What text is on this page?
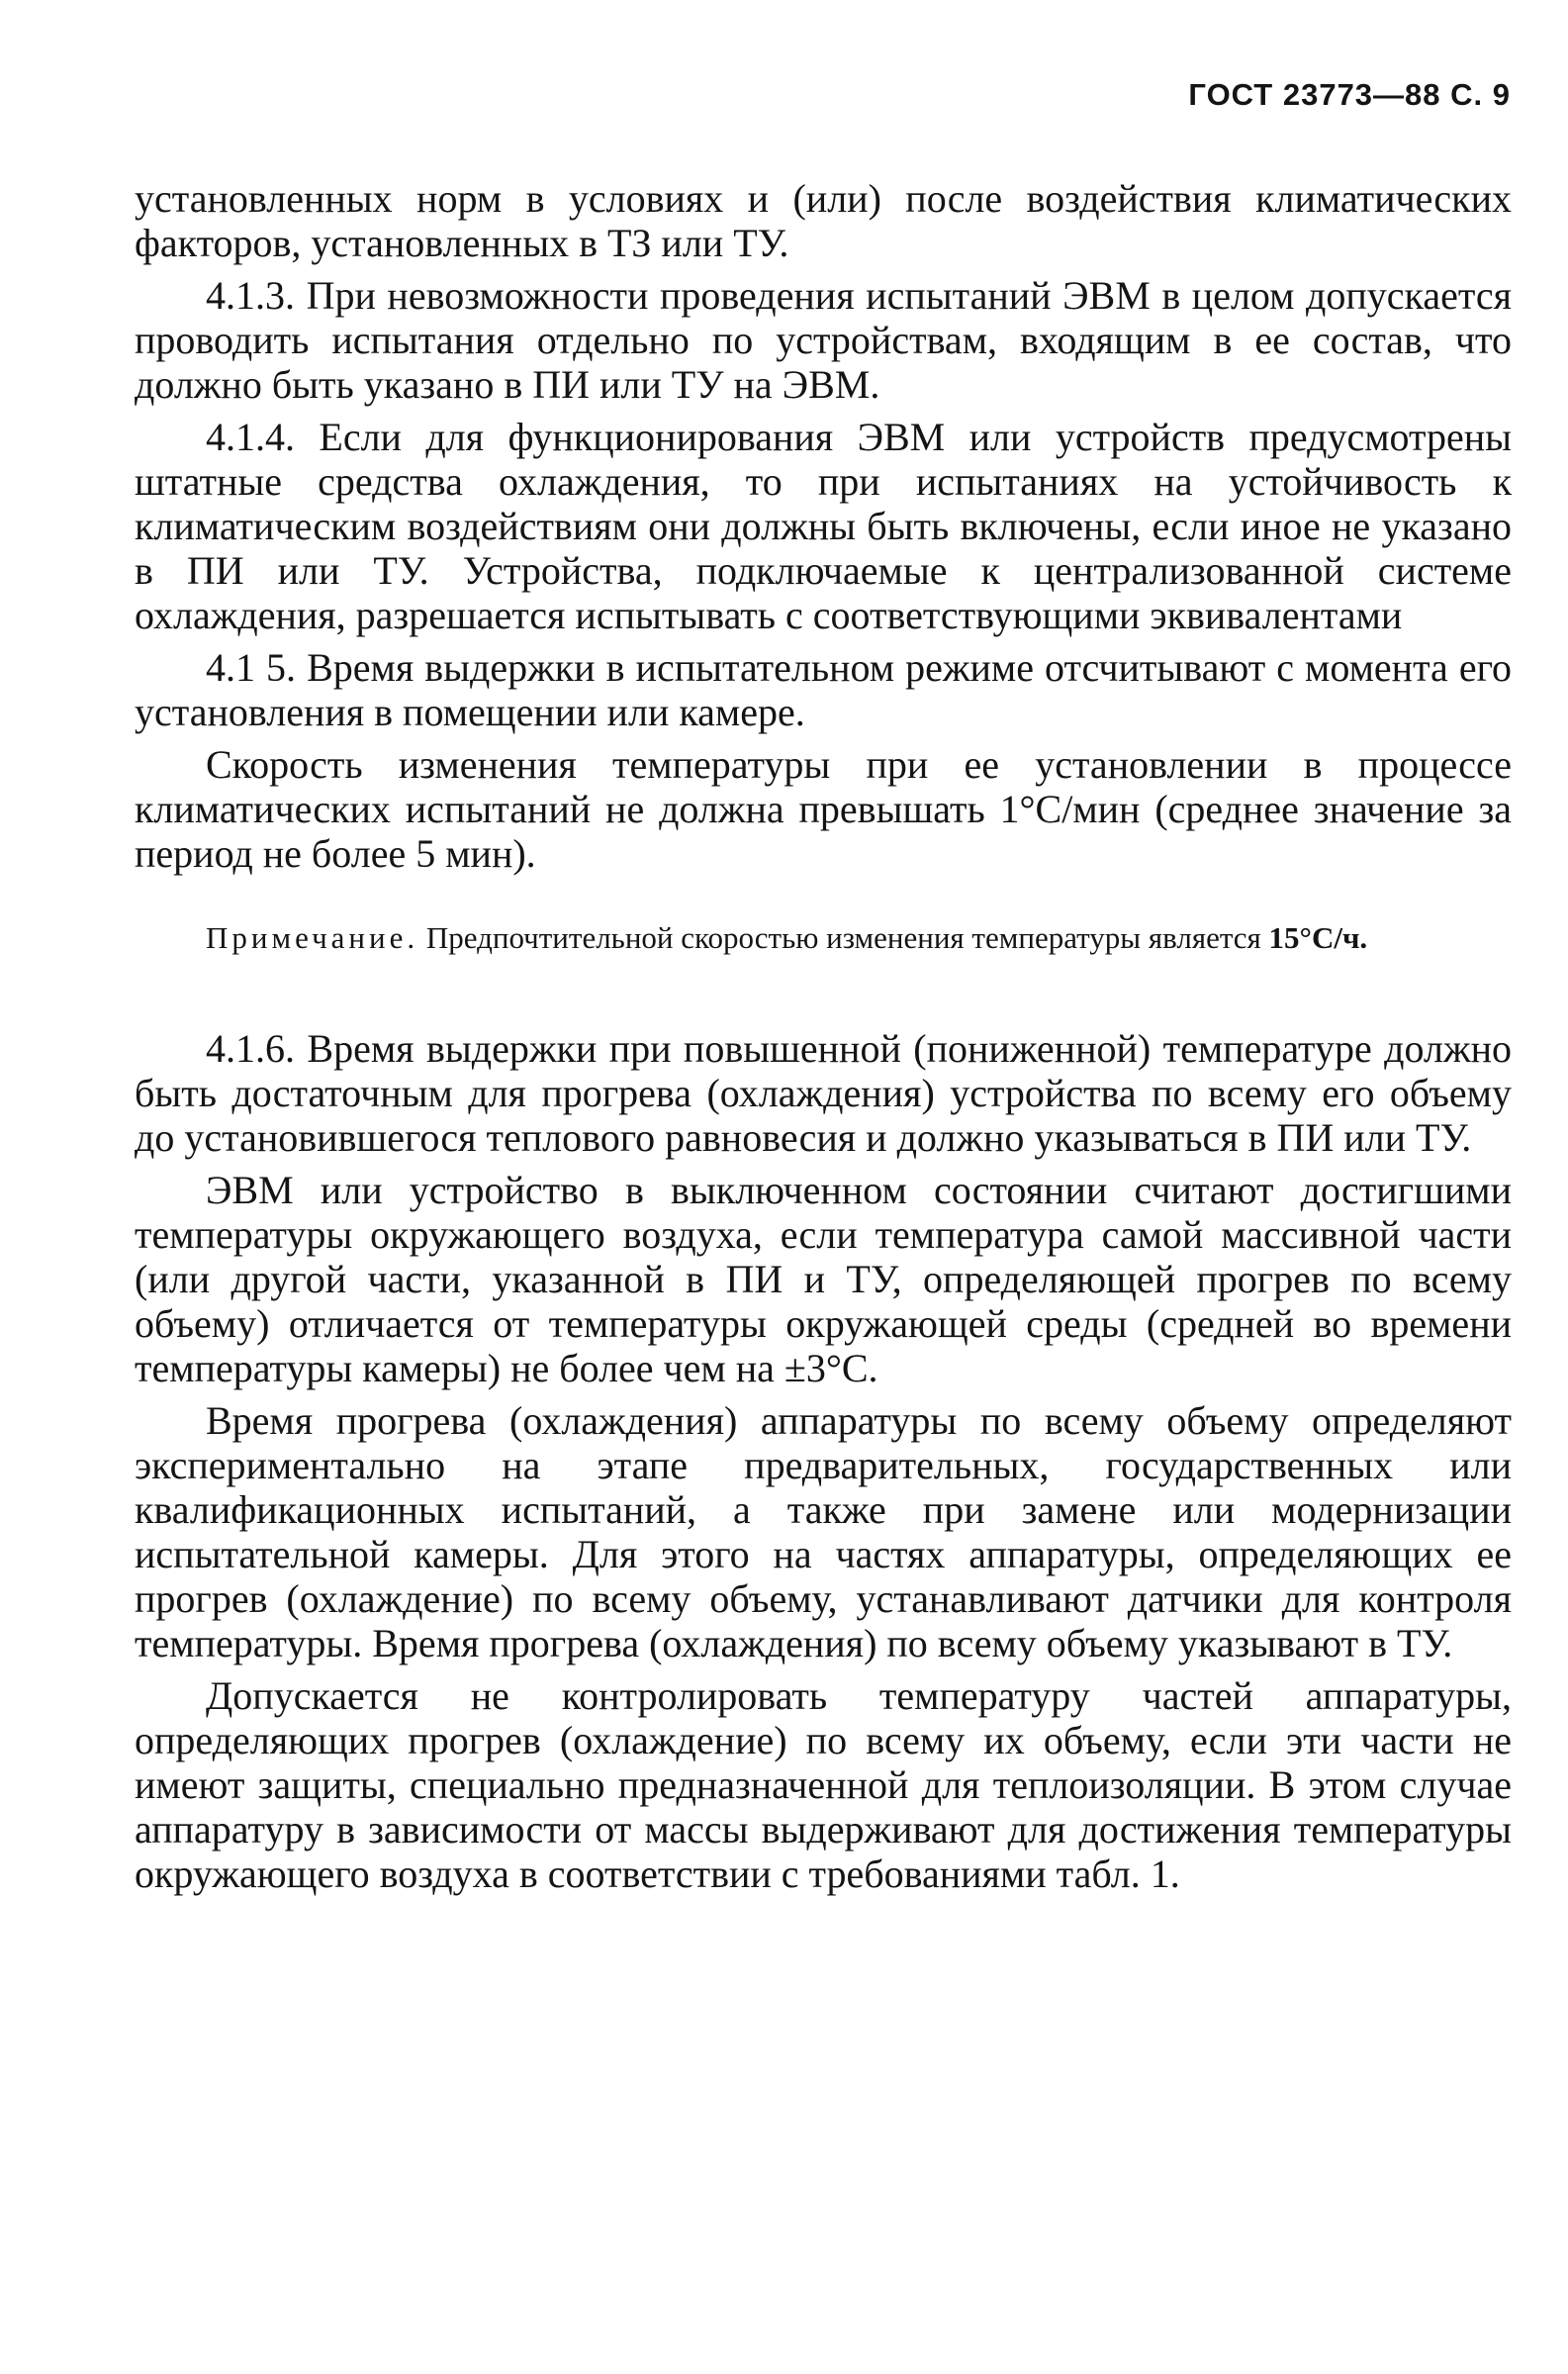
ГОСТ 23773—88 С. 9

установленных норм в условиях и (или) после воздействия климатических факторов, установленных в ТЗ или ТУ.

4.1.3. При невозможности проведения испытаний ЭВМ в целом допускается проводить испытания отдельно по устройствам, входящим в ее состав, что должно быть указано в ПИ или ТУ на ЭВМ.

4.1.4. Если для функционирования ЭВМ или устройств предусмотрены штатные средства охлаждения, то при испытаниях на устойчивость к климатическим воздействиям они должны быть включены, если иное не указано в ПИ или ТУ. Устройства, подключаемые к централизованной системе охлаждения, разрешается испытывать с соответствующими эквивалентами

4.1 5. Время выдержки в испытательном режиме отсчитывают с момента его установления в помещении или камере.

Скорость изменения температуры при ее установлении в процессе климатических испытаний не должна превышать 1°С/мин (среднее значение за период не более 5 мин).

Примечание. Предпочтительной скоростью изменения температуры является 15°С/ч.

4.1.6. Время выдержки при повышенной (пониженной) температуре должно быть достаточным для прогрева (охлаждения) устройства по всему его объему до установившегося теплового равновесия и должно указываться в ПИ или ТУ.

ЭВМ или устройство в выключенном состоянии считают достигшими температуры окружающего воздуха, если температура самой массивной части (или другой части, указанной в ПИ и ТУ, определяющей прогрев по всему объему) отличается от температуры окружающей среды (средней во времени температуры камеры) не более чем на ±3°С.

Время прогрева (охлаждения) аппаратуры по всему объему определяют экспериментально на этапе предварительных, государственных или квалификационных испытаний, а также при замене или модернизации испытательной камеры. Для этого на частях аппаратуры, определяющих ее прогрев (охлаждение) по всему объему, устанавливают датчики для контроля температуры. Время прогрева (охлаждения) по всему объему указывают в ТУ.

Допускается не контролировать температуру частей аппаратуры, определяющих прогрев (охлаждение) по всему их объему, если эти части не имеют защиты, специально предназначенной для теплоизоляции. В этом случае аппаратуру в зависимости от массы выдерживают для достижения температуры окружающего воздуха в соответствии с требованиями табл. 1.
